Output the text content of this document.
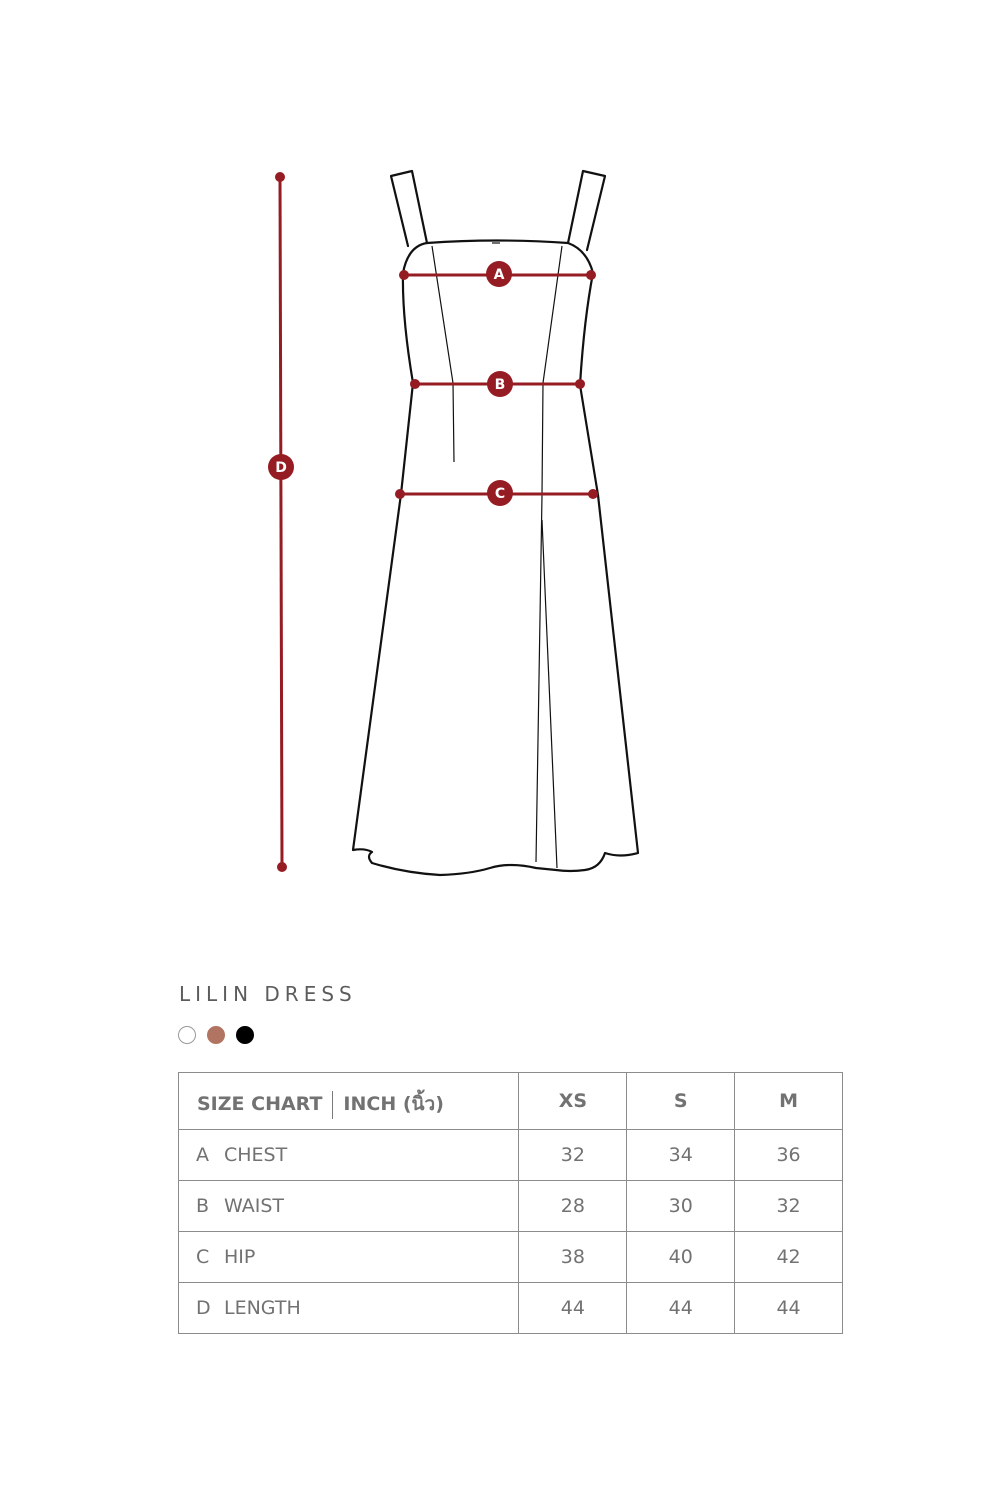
A
B
C
D
LILIN DRESS
SIZE CHART INCH (นิ้ว)	XS	S	M
A CHEST	32	34	36
B WAIST	28	30	32
C HIP	38	40	42
D LENGTH	44	44	44
